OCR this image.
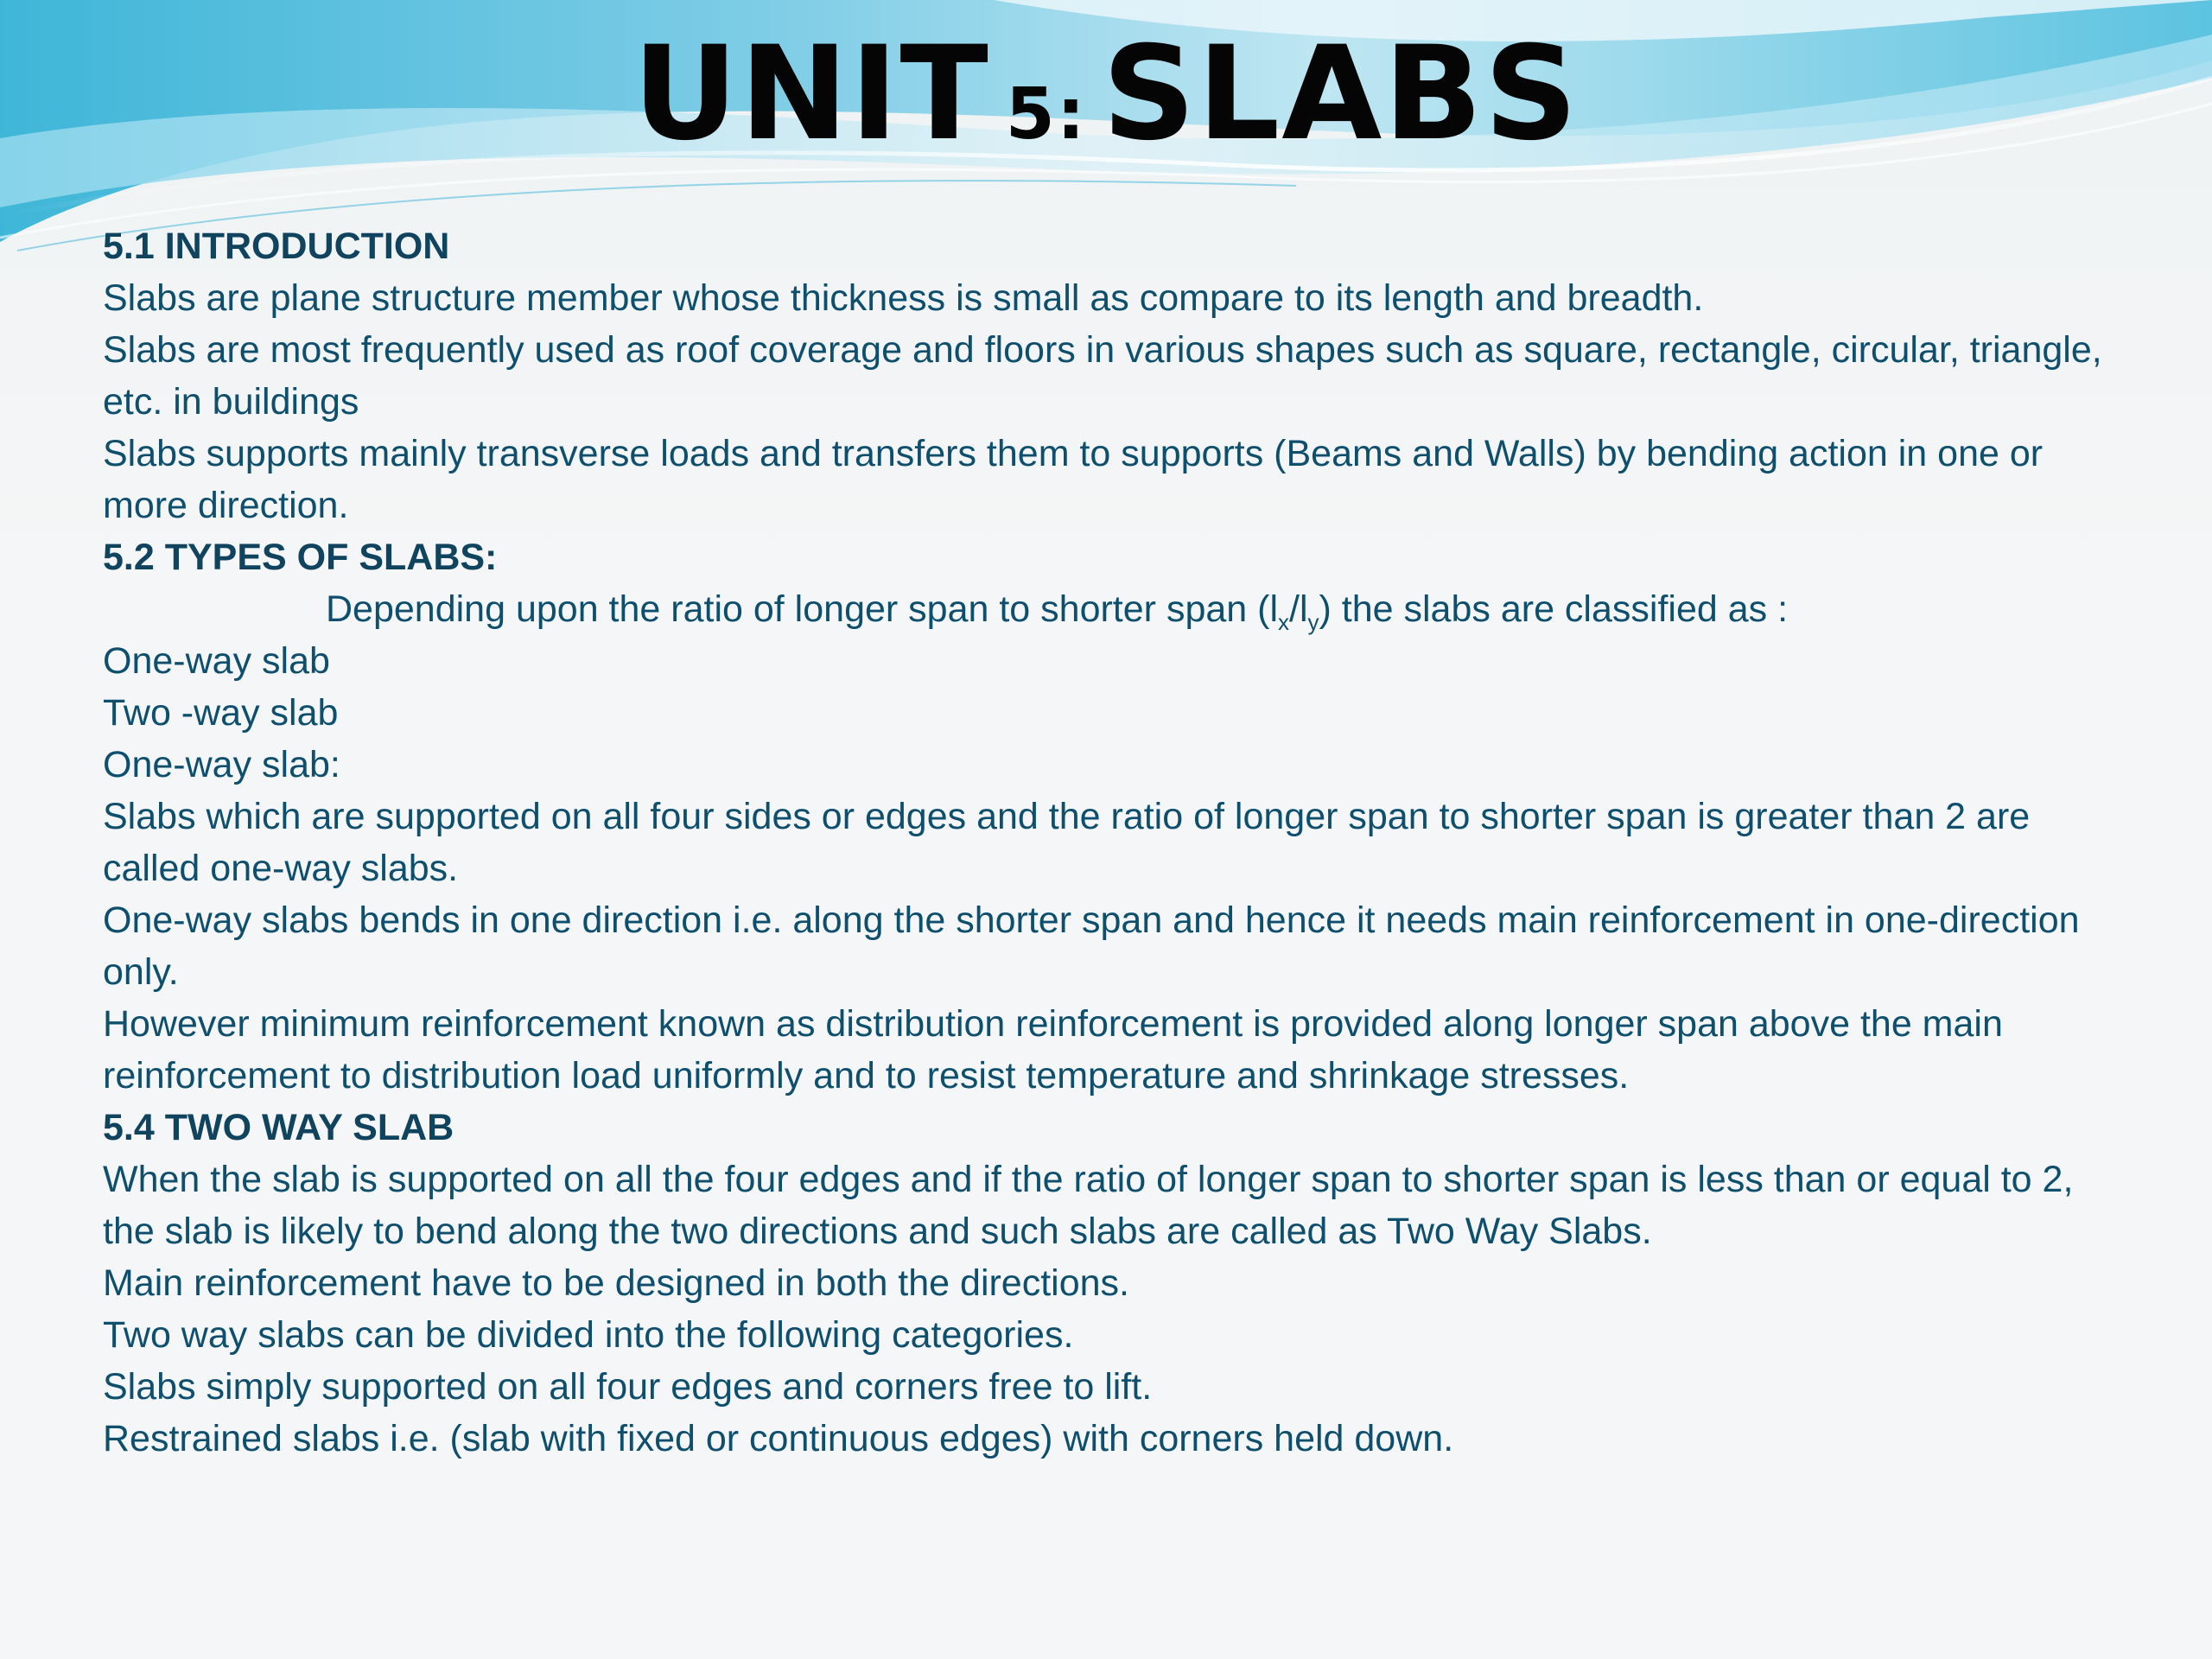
UNIT 5: SLABS

5.1 INTRODUCTION

Slabs are plane structure member whose thickness is small as compare to its length and breadth.

Slabs are most frequently used as roof coverage and floors in various shapes such as square, rectangle, circular, triangle, etc. in buildings

Slabs supports mainly transverse loads and transfers them to supports (Beams and Walls) by bending action in one or more direction.

5.2 TYPES OF SLABS:

Depending upon the ratio of longer span to shorter span $(l_x/l_y)$ the slabs are classified as :

One-way slab

Two -way slab

One-way slab:

Slabs which are supported on all four sides or edges and the ratio of longer span to shorter span is greater than 2 are called one-way slabs.

One-way slabs bends in one direction i.e. along the shorter span and hence it needs main reinforcement in one-direction only.

However minimum reinforcement known as distribution reinforcement is provided along longer span above the main reinforcement to distribution load uniformly and to resist temperature and shrinkage stresses.

5.4 TWO WAY SLAB

When the slab is supported on all the four edges and if the ratio of longer span to shorter span is less than or equal to 2, the slab is likely to bend along the two directions and such slabs are called as Two Way Slabs.

Main reinforcement have to be designed in both the directions.

Two way slabs can be divided into the following categories.

Slabs simply supported on all four edges and corners free to lift.

Restrained slabs i.e. (slab with fixed or continuous edges) with corners held down.
